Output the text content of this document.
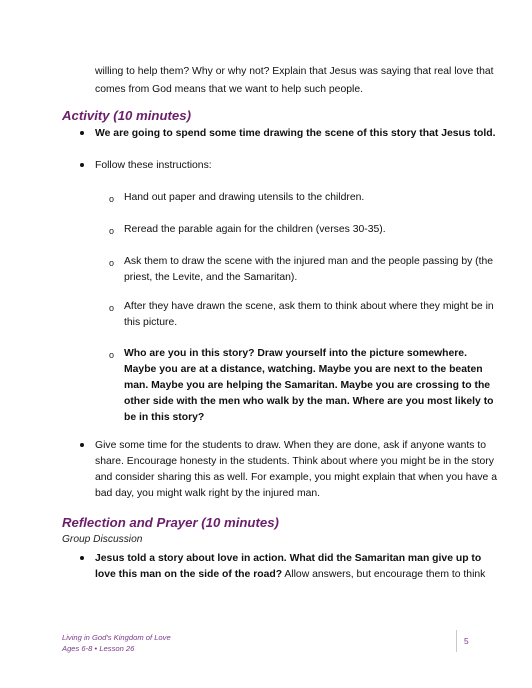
willing to help them? Why or why not? Explain that Jesus was saying that real love that
comes from God means that we want to help such people.
Activity (10 minutes)
We are going to spend some time drawing the scene of this story that Jesus told.
Follow these instructions:
o Hand out paper and drawing utensils to the children.
o Reread the parable again for the children (verses 30-35).
o Ask them to draw the scene with the injured man and the people passing by (the
priest, the Levite, and the Samaritan).
o After they have drawn the scene, ask them to think about where they might be in
this picture.
o Who are you in this story? Draw yourself into the picture somewhere.
Maybe you are at a distance, watching. Maybe you are next to the beaten
man. Maybe you are helping the Samaritan. Maybe you are crossing to the
other side with the men who walk by the man. Where are you most likely to
be in this story?
Give some time for the students to draw. When they are done, ask if anyone wants to
share. Encourage honesty in the students. Think about where you might be in the story
and consider sharing this as well. For example, you might explain that when you have a
bad day, you might walk right by the injured man.
Reflection and Prayer (10 minutes)
Group Discussion
Jesus told a story about love in action. What did the Samaritan man give up to
love this man on the side of the road? Allow answers, but encourage them to think
Living in God's Kingdom of Love
Ages 6-8 • Lesson 26
5
